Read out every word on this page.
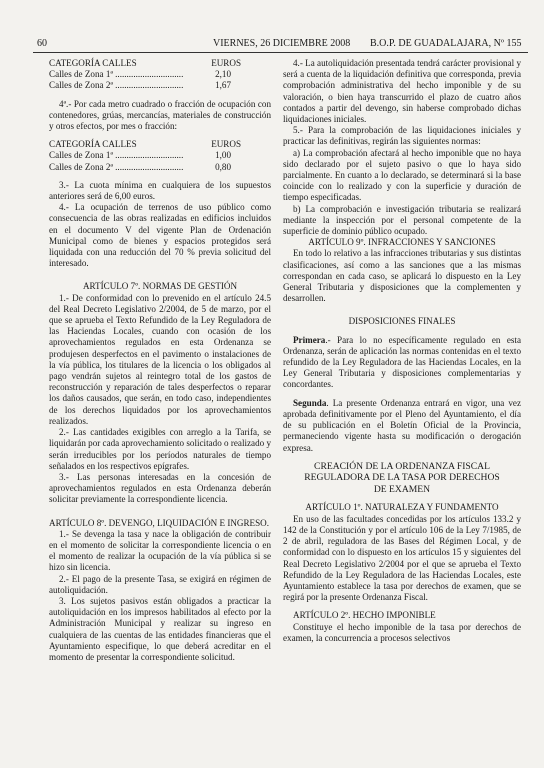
60	VIERNES, 26 DICIEMBRE 2008 B.O.P. DE GUADALAJARA, Nº 155
CATEGORÍA CALLES	EUROS
Calles de Zona 1ª ..............................	2,10
Calles de Zona 2ª ..............................	1,67

4ª.- Por cada metro cuadrado o fracción de ocupación con contenedores, grúas, mercancías, materiales de construcción y otros efectos, por mes o fracción:

CATEGORÍA CALLES	EUROS
Calles de Zona 1ª ..............................	1,00
Calles de Zona 2ª ..............................	0,80

3.- La cuota mínima en cualquiera de los supuestos anteriores será de 6,00 euros.

4.- La ocupación de terrenos de uso público como consecuencia de las obras realizadas en edificios incluidos en el documento V del vigente Plan de Ordenación Municipal como de bienes y espacios protegidos será liquidada con una reducción del 70 % previa solicitud del interesado.

ARTÍCULO 7º. NORMAS DE GESTIÓN

1.- De conformidad con lo prevenido en el artículo 24.5 del Real Decreto Legislativo 2/2004, de 5 de marzo, por el que se aprueba el Texto Refundido de la Ley Reguladora de las Haciendas Locales, cuando con ocasión de los aprovechamientos regulados en esta Ordenanza se produjesen desperfectos en el pavimento o instalaciones de la vía pública, los titulares de la licencia o los obligados al pago vendrán sujetos al reintegro total de los gastos de reconstrucción y reparación de tales desperfectos o reparar los daños causados, que serán, en todo caso, independientes de los derechos liquidados por los aprovechamientos realizados.

2.- Las cantidades exigibles con arreglo a la Tarifa, se liquidarán por cada aprovechamiento solicitado o realizado y serán irreducibles por los períodos naturales de tiempo señalados en los respectivos epígrafes.

3.- Las personas interesadas en la concesión de aprovechamientos regulados en esta Ordenanza deberán solicitar previamente la correspondiente licencia.

ARTÍCULO 8º. DEVENGO, LIQUIDACIÓN E INGRESO.

1.- Se devenga la tasa y nace la obligación de contribuir en el momento de solicitar la correspondiente licencia o en el momento de realizar la ocupación de la vía pública si se hizo sin licencia.

2.- El pago de la presente Tasa, se exigirá en régimen de autoliquidación.

3. Los sujetos pasivos están obligados a practicar la autoliquidación en los impresos habilitados al efecto por la Administración Municipal y realizar su ingreso en cualquiera de las cuentas de las entidades financieras que el Ayuntamiento especifique, lo que deberá acreditar en el momento de presentar la correspondiente solicitud.

4.- La autoliquidación presentada tendrá carácter provisional y será a cuenta de la liquidación definitiva que corresponda, previa comprobación administrativa del hecho imponible y de su valoración, o bien haya transcurrido el plazo de cuatro años contados a partir del devengo, sin haberse comprobado dichas liquidaciones iniciales.

5.- Para la comprobación de las liquidaciones iniciales y practicar las definitivas, regirán las siguientes normas:

a) La comprobación afectará al hecho imponible que no haya sido declarado por el sujeto pasivo o que lo haya sido parcialmente. En cuanto a lo declarado, se determinará si la base coincide con lo realizado y con la superficie y duración de tiempo especificadas.

b) La comprobación e investigación tributaria se realizará mediante la inspección por el personal competente de la superficie de dominio público ocupado.

ARTÍCULO 9º. INFRACCIONES Y SANCIONES

En todo lo relativo a las infracciones tributarias y sus distintas clasificaciones, así como a las sanciones que a las mismas correspondan en cada caso, se aplicará lo dispuesto en la Ley General Tributaria y disposiciones que la complementen y desarrollen.

DISPOSICIONES FINALES

Primera.- Para lo no específicamente regulado en esta Ordenanza, serán de aplicación las normas contenidas en el texto refundido de la Ley Reguladora de las Haciendas Locales, en la Ley General Tributaria y disposiciones complementarias y concordantes.

Segunda. La presente Ordenanza entrará en vigor, una vez aprobada definitivamente por el Pleno del Ayuntamiento, el día de su publicación en el Boletín Oficial de la Provincia, permaneciendo vigente hasta su modificación o derogación expresa.

CREACIÓN DE LA ORDENANZA FISCAL REGULADORA DE LA TASA POR DERECHOS DE EXAMEN

ARTÍCULO 1º. NATURALEZA Y FUNDAMENTO

En uso de las facultades concedidas por los artículos 133.2 y 142 de la Constitución y por el artículo 106 de la Ley 7/1985, de 2 de abril, reguladora de las Bases del Régimen Local, y de conformidad con lo dispuesto en los artículos 15 y siguientes del Real Decreto Legislativo 2/2004 por el que se aprueba el Texto Refundido de la Ley Reguladora de las Haciendas Locales, este Ayuntamiento establece la tasa por derechos de examen, que se regirá por la presente Ordenanza Fiscal.

ARTÍCULO 2º. HECHO IMPONIBLE

Constituye el hecho imponible de la tasa por derechos de examen, la concurrencia a procesos selectivos
